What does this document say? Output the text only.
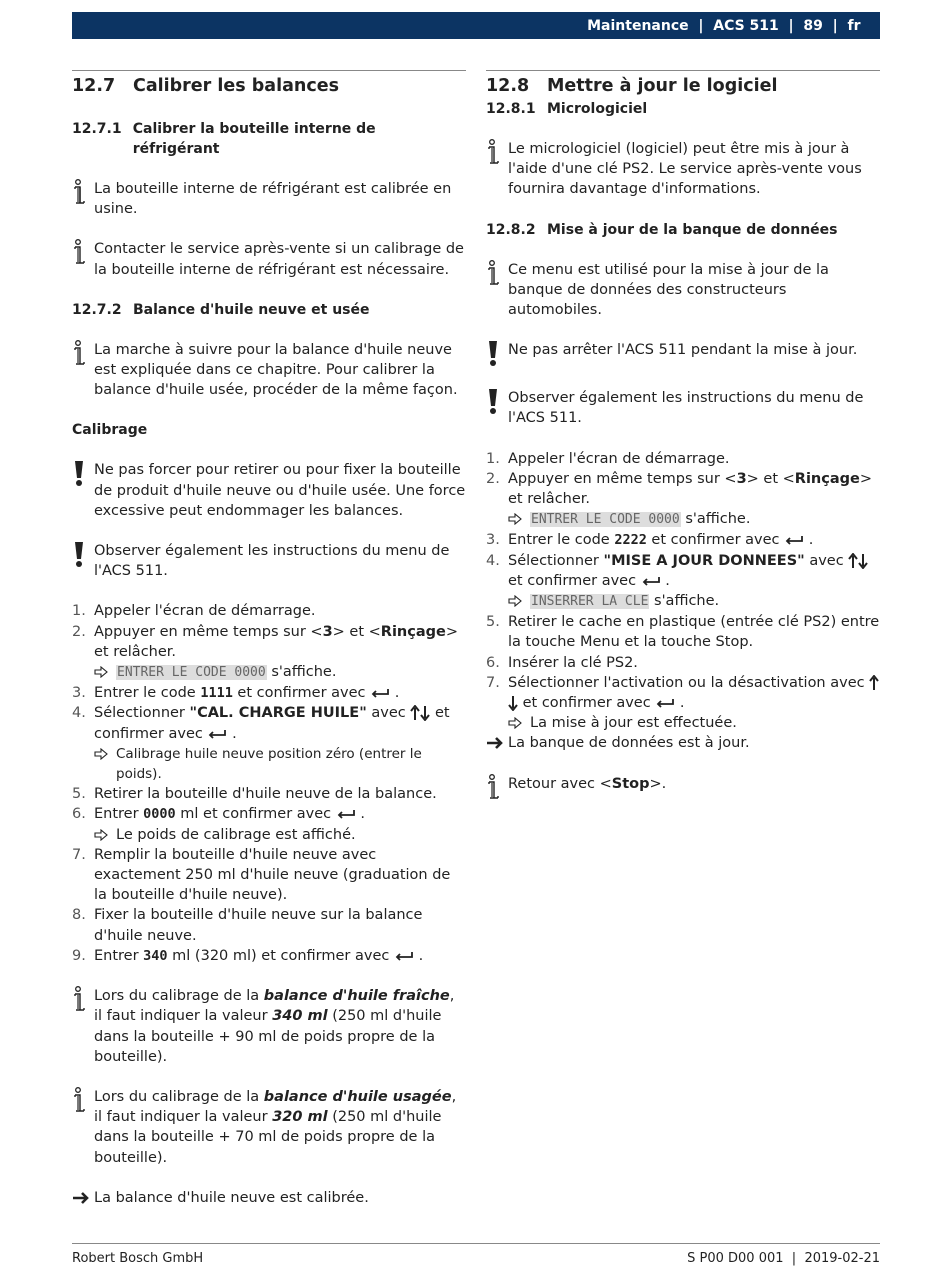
Maintenance | ACS 511 | 89 | fr

12.7	Calibrer les balances
12.7.1 Calibrer la bouteille interne de réfrigérant
La bouteille interne de réfrigérant est calibrée en usine.
Contacter le service après-vente si un calibrage de la bouteille interne de réfrigérant est nécessaire.
12.7.2 Balance d'huile neuve et usée
La marche à suivre pour la balance d'huile neuve est expliquée dans ce chapitre. Pour calibrer la balance d'huile usée, procéder de la même façon.
Calibrage
Ne pas forcer pour retirer ou pour fixer la bouteille de produit d'huile neuve ou d'huile usée. Une force excessive peut endommager les balances.
Observer également les instructions du menu de l'ACS 511.
1. Appeler l'écran de démarrage.
2. Appuyer en même temps sur <3> et <Rinçage> et relâcher.
ENTRER LE CODE 0000 s'affiche.
3. Entrer le code 1111 et confirmer avec  .
4. Sélectionner "CAL. CHARGE HUILE" avec  et confirmer avec  .
Calibrage huile neuve position zéro (entrer le poids).
5. Retirer la bouteille d'huile neuve de la balance.
6. Entrer 0000 ml et confirmer avec  .
Le poids de calibrage est affiché.
7. Remplir la bouteille d'huile neuve avec exactement 250 ml d'huile neuve (graduation de la bouteille d'huile neuve).
8. Fixer la bouteille d'huile neuve sur la balance d'huile neuve.
9. Entrer 340 ml (320 ml) et confirmer avec  .
Lors du calibrage de la balance d'huile fraîche, il faut indiquer la valeur 340 ml (250 ml d'huile dans la bouteille + 90 ml de poids propre de la bouteille).
Lors du calibrage de la balance d'huile usagée, il faut indiquer la valeur 320 ml (250 ml d'huile dans la bouteille + 70 ml de poids propre de la bouteille).
La balance d'huile neuve est calibrée.
12.8	Mettre à jour le logiciel
12.8.1 Micrologiciel
Le micrologiciel (logiciel) peut être mis à jour à l'aide d'une clé PS2. Le service après-vente vous fournira davantage d'informations.
12.8.2 Mise à jour de la banque de données
Ce menu est utilisé pour la mise à jour de la banque de données des constructeurs automobiles.
Ne pas arrêter l'ACS 511 pendant la mise à jour.
Observer également les instructions du menu de l'ACS 511.
1. Appeler l'écran de démarrage.
2. Appuyer en même temps sur <3> et <Rinçage> et relâcher.
ENTRER LE CODE 0000 s'affiche.
3. Entrer le code 2222 et confirmer avec  .
4. Sélectionner "MISE A JOUR DONNEES" avec  et confirmer avec  .
INSERRER LA CLE s'affiche.
5. Retirer le cache en plastique (entrée clé PS2) entre la touche Menu et la touche Stop.
6. Insérer la clé PS2.
7. Sélectionner l'activation ou la désactivation avec  et confirmer avec  .
La mise à jour est effectuée.
La banque de données est à jour.
Retour avec <Stop>.
Robert Bosch GmbH	S P00 D00 001  |  2019-02-21
